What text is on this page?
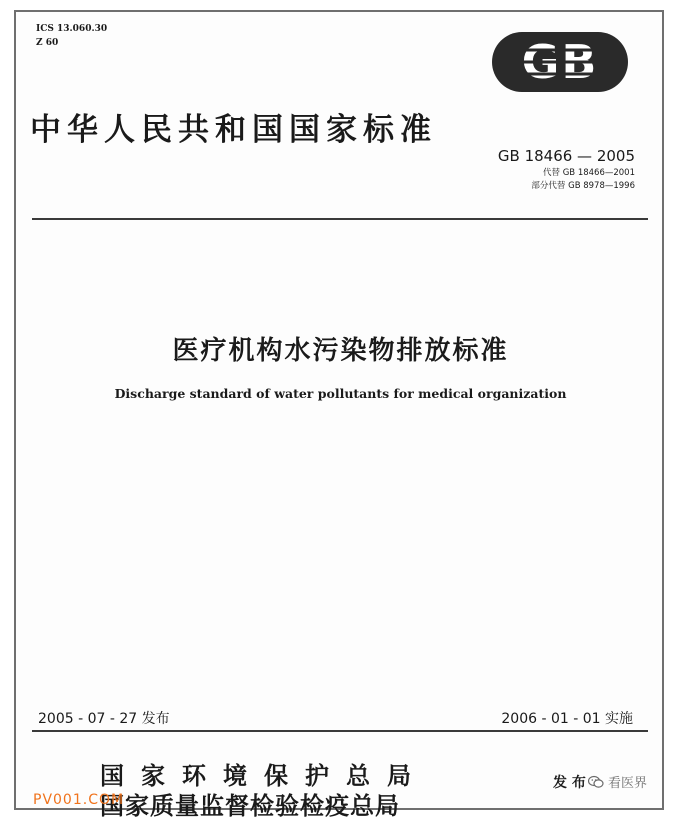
ICS 13.060.30
Z 60	GB
中华人民共和国国家标准
GB 18466 — 2005
代替 GB 18466—2001
部分代替 GB 8978—1996
医疗机构水污染物排放标准
Discharge standard of water pollutants for medical organization
2005 - 07 - 27 发布	2006 - 01 - 01 实施
国家环境保护总局
国家质量监督检验检疫总局
发 布
PV001.COM
看医界
